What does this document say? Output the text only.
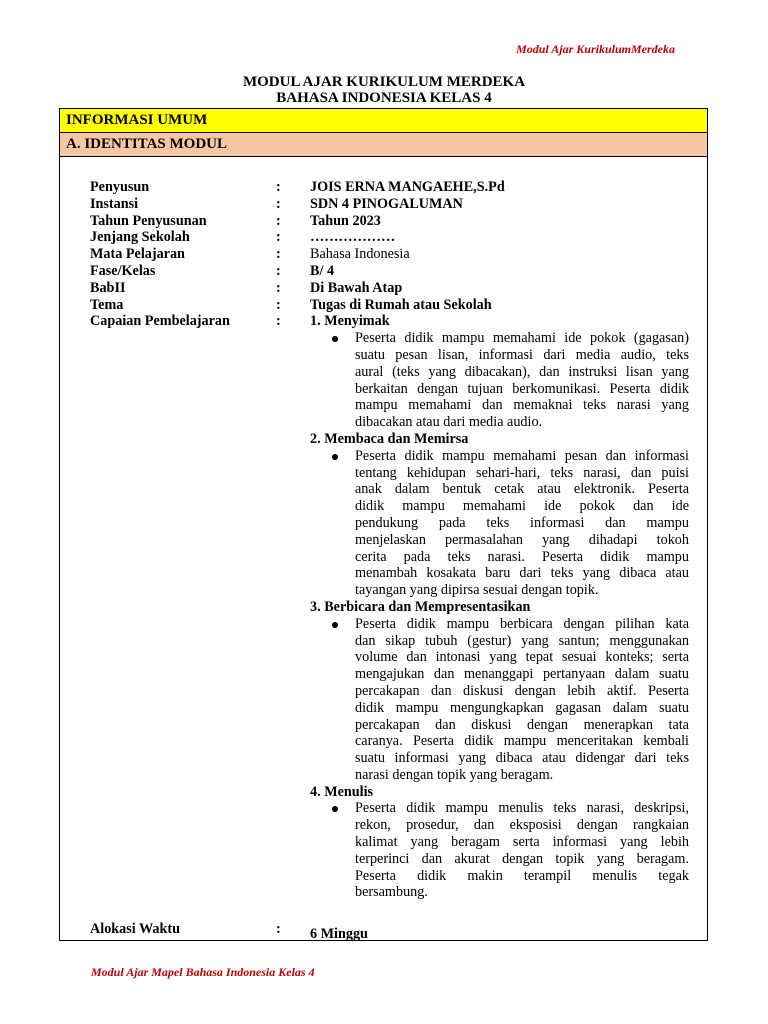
Modul Ajar KurikulumMerdeka
MODUL AJAR KURIKULUM MERDEKA
BAHASA INDONESIA KELAS 4
INFORMASI UMUM
A. IDENTITAS MODUL
Penyusun	: JOIS ERNA MANGAEHE,S.Pd
Instansi	: SDN 4 PINOGALUMAN
Tahun Penyusunan	: Tahun 2023
Jenjang Sekolah	: ………………
Mata Pelajaran	: Bahasa Indonesia
Fase/Kelas	: B/ 4
BabII	: Di Bawah Atap
Tema	: Tugas di Rumah atau Sekolah
Capaian Pembelajaran	: 1. Menyimak
Peserta didik mampu memahami ide pokok (gagasan)
suatu pesan lisan, informasi dari media audio, teks
aural (teks yang dibacakan), dan instruksi lisan yang
berkaitan dengan tujuan berkomunikasi. Peserta didik
mampu memahami dan memaknai teks narasi yang
dibacakan atau dari media audio.
2. Membaca dan Memirsa
Peserta didik mampu memahami pesan dan informasi
tentang kehidupan sehari-hari, teks narasi, dan puisi
anak dalam bentuk cetak atau elektronik. Peserta
didik mampu memahami ide pokok dan ide
pendukung pada teks informasi dan mampu
menjelaskan permasalahan yang dihadapi tokoh
cerita pada teks narasi. Peserta didik mampu
menambah kosakata baru dari teks yang dibaca atau
tayangan yang dipirsa sesuai dengan topik.
3. Berbicara dan Mempresentasikan
Peserta didik mampu berbicara dengan pilihan kata
dan sikap tubuh (gestur) yang santun; menggunakan
volume dan intonasi yang tepat sesuai konteks; serta
mengajukan dan menanggapi pertanyaan dalam suatu
percakapan dan diskusi dengan lebih aktif. Peserta
didik mampu mengungkapkan gagasan dalam suatu
percakapan dan diskusi dengan menerapkan tata
caranya. Peserta didik mampu menceritakan kembali
suatu informasi yang dibaca atau didengar dari teks
narasi dengan topik yang beragam.
4. Menulis
Peserta didik mampu menulis teks narasi, deskripsi,
rekon, prosedur, dan eksposisi dengan rangkaian
kalimat yang beragam serta informasi yang lebih
terperinci dan akurat dengan topik yang beragam.
Peserta didik makin terampil menulis tegak
bersambung.
Alokasi Waktu	: 6 Minggu
Modul Ajar Mapel Bahasa Indonesia Kelas 4
